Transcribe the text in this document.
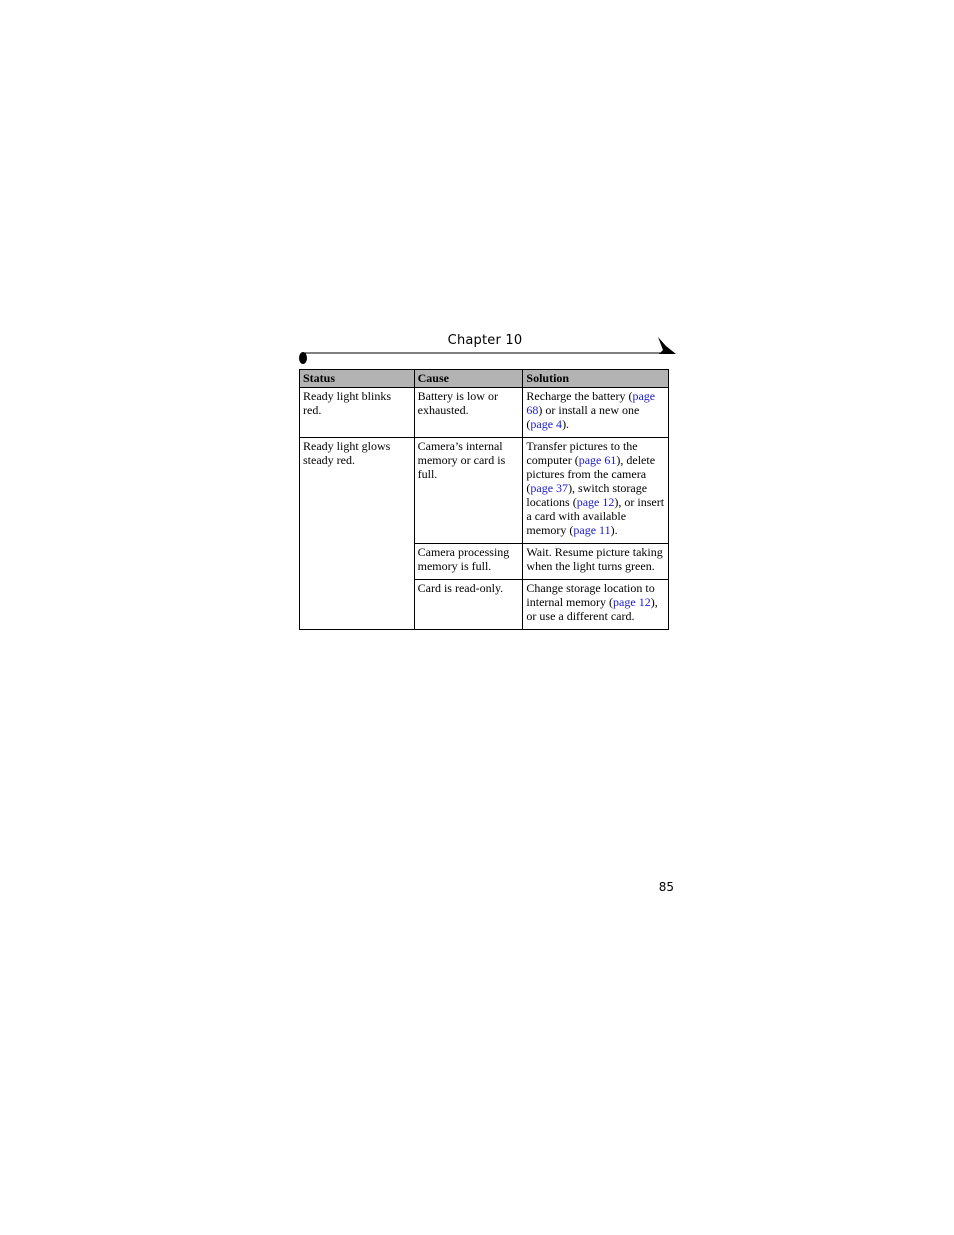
Chapter 10
Status	Cause	Solution
Ready light blinks red.	Battery is low or exhausted.	Recharge the battery (page 68) or install a new one (page 4).
Ready light glows steady red.	Camera’s internal memory or card is full.	Transfer pictures to the computer (page 61), delete pictures from the camera (page 37), switch storage locations (page 12), or insert a card with available memory (page 11).
	Camera processing memory is full.	Wait. Resume picture taking when the light turns green.
	Card is read-only.	Change storage location to internal memory (page 12), or use a different card.
85
